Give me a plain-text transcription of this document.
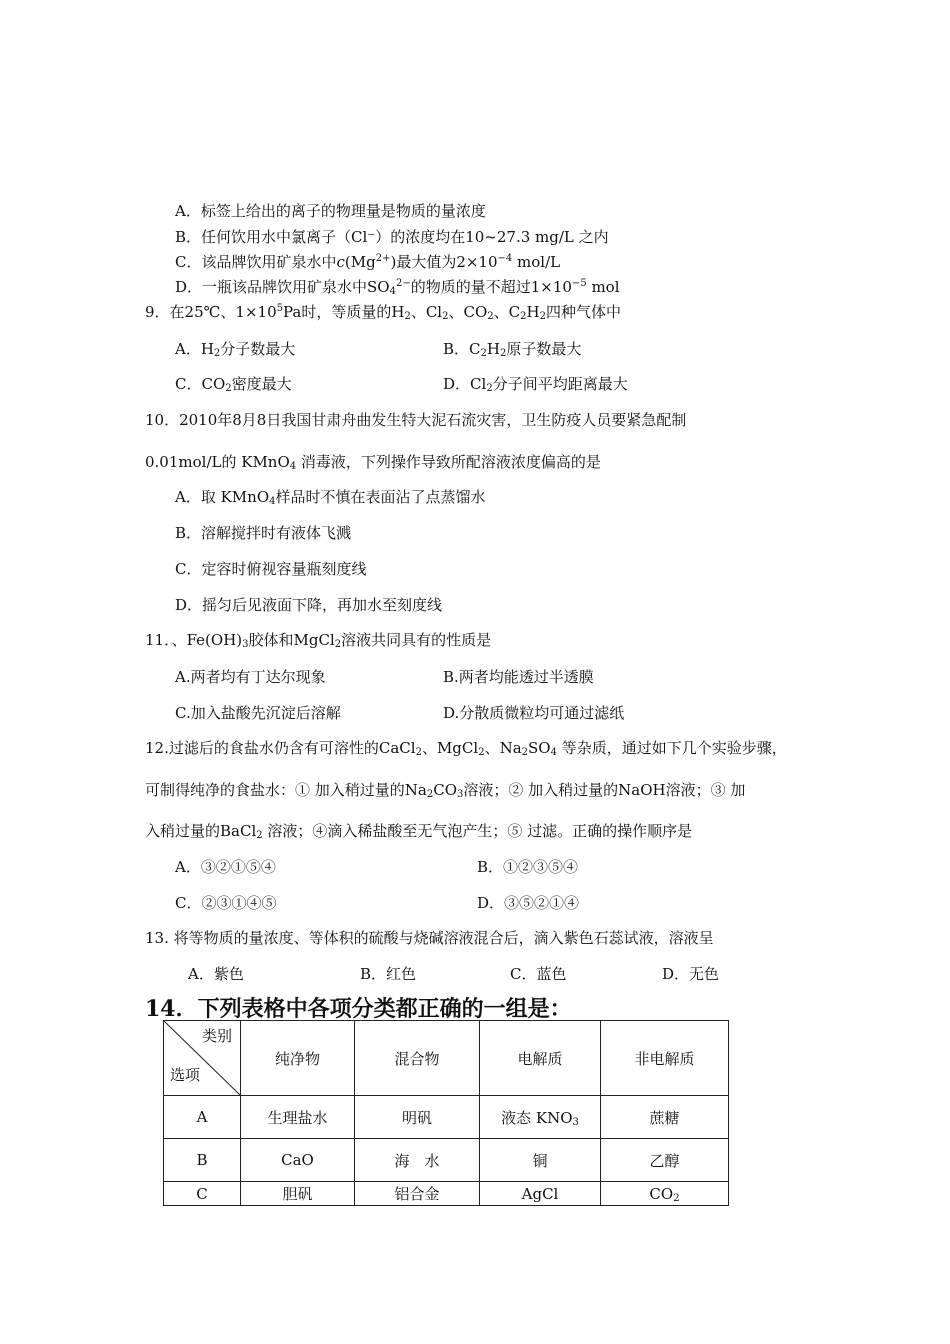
A．标签上给出的离子的物理量是物质的量浓度
B．任何饮用水中氯离子（Cl⁻）的浓度均在10~27.3 mg/L 之内
C．该品牌饮用矿泉水中$c(Mg^{2+})$最大值为$2\times 10^{-4}$ mol/L
D．一瓶该品牌饮用矿泉水中$SO_4^{2-}$的物质的量不超过$1\times 10^{-5}$ mol
9．在25℃、$1\times 10^5Pa$时，等质量的$H_2$、$Cl_2$、$CO_2$、$C_2H_2$四种气体中
A．$H_2$分子数最大	B．$C_2H_2$原子数最大
C．$CO_2$密度最大	D．$Cl_2$分子间平均距离最大
10．2010年8月8日我国甘肃舟曲发生特大泥石流灾害，卫生防疫人员要紧急配制
0.01mol/L的 KMnO$_4$ 消毒液，下列操作导致所配溶液浓度偏高的是
A．取 KMnO$_4$样品时不慎在表面沾了点蒸馏水
B．溶解搅拌时有液体飞溅
C．定容时俯视容量瓶刻度线
D．摇匀后见液面下降，再加水至刻度线
11．、$Fe(OH)_3$胶体和MgCl$_2$溶液共同具有的性质是
A.两者均有丁达尔现象	B.两者均能透过半透膜
C.加入盐酸先沉淀后溶解	D.分散质微粒均可通过滤纸
12.过滤后的食盐水仍含有可溶性的CaCl$_2$、MgCl$_2$、$Na_2SO_4$ 等杂质，通过如下几个实验步骤，
可制得纯净的食盐水：① 加入稍过量的$Na_2CO_3$溶液；② 加入稍过量的NaOH溶液；③ 加
入稍过量的BaCl$_2$ 溶液；④滴入稀盐酸至无气泡产生；⑤ 过滤。正确的操作顺序是
A．③②①⑤④	B．①②③⑤④
C．②③①④⑤	D．③⑤②①④
13. 将等物质的量浓度、等体积的硫酸与烧碱溶液混合后，滴入紫色石蕊试液，溶液呈
A．紫色	B．红色	C．蓝色	D．无色
14．下列表格中各项分类都正确的一组是：
类别
选项	纯净物	混合物	电解质	非电解质
A	生理盐水	明矾	液态 $KNO_3$	蔗糖
B	CaO	海　水	铜	乙醇
C	胆矾	铝合金	AgCl	$CO_2$
